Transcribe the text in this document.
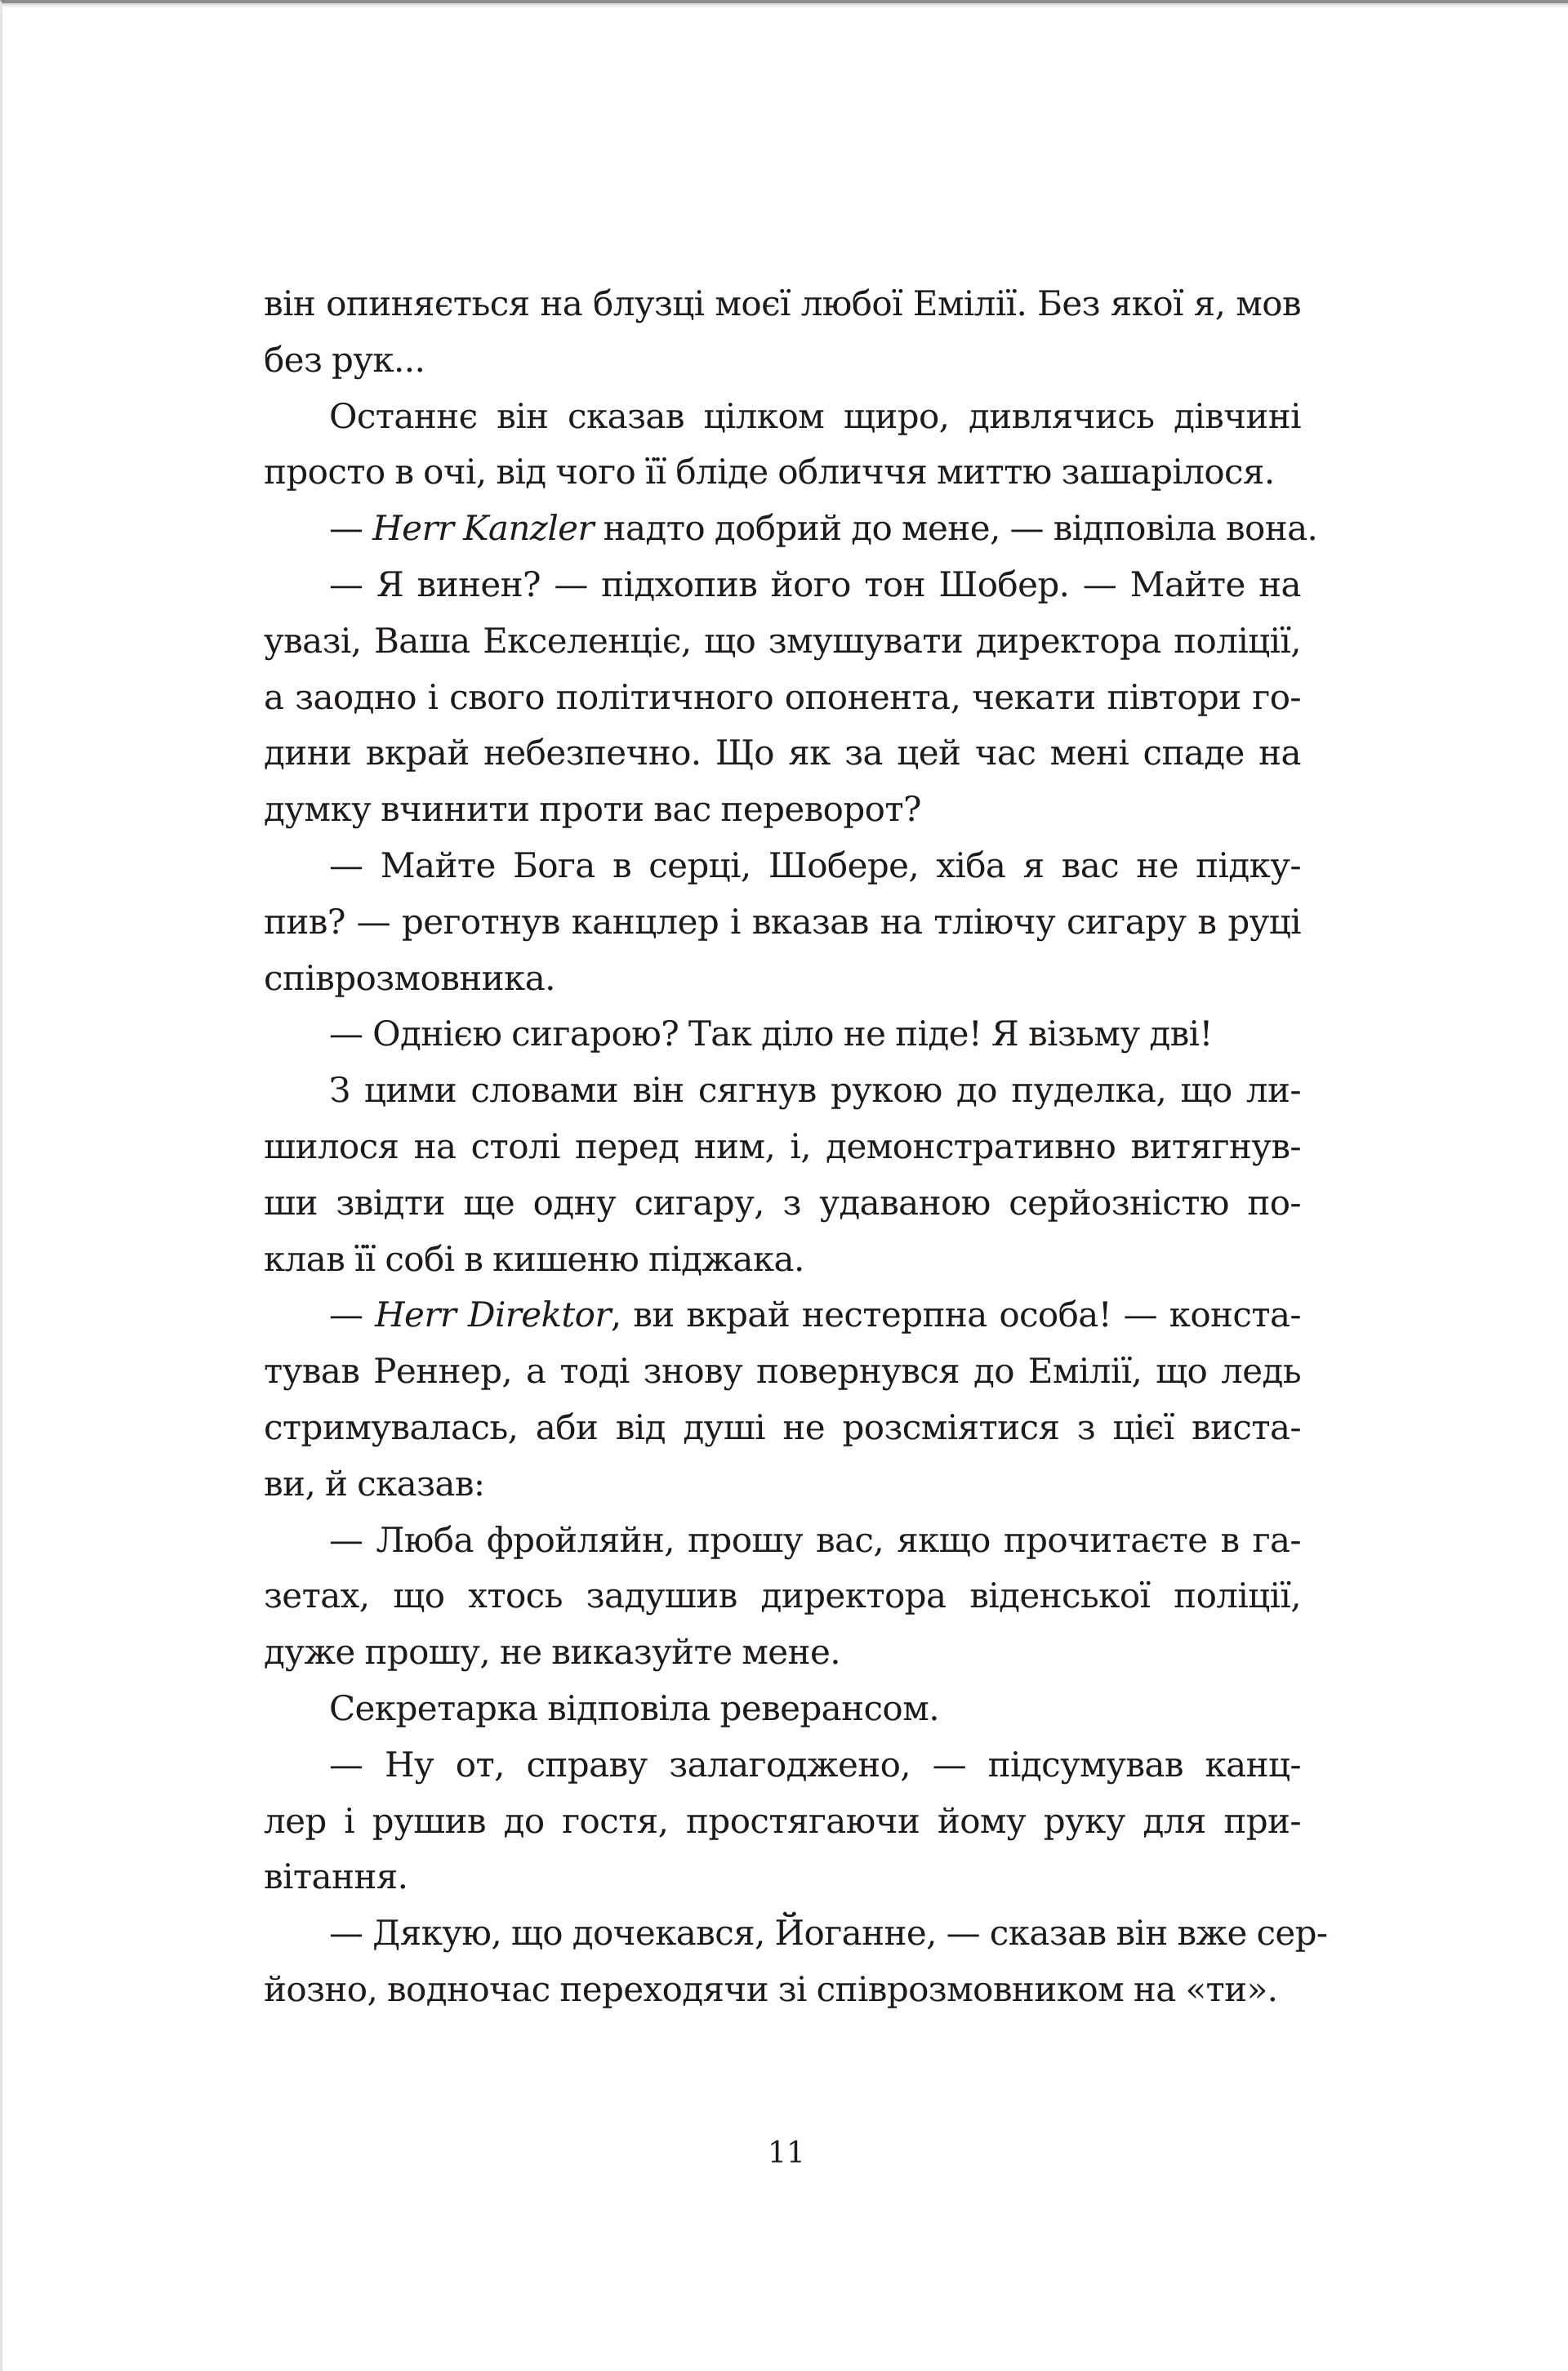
він опиняється на блузці моєї любої Емілії. Без якої я, мов
без рук...
Останнє він сказав цілком щиро, дивлячись дівчині
просто в очі, від чого її бліде обличчя миттю зашарілося.
— Herr Kanzler надто добрий до мене, — відповіла вона.
— Я винен? — підхопив його тон Шобер. — Майте на
увазі, Ваша Екселенціє, що змушувати директора поліції,
а заодно і свого політичного опонента, чекати півтори го-
дини вкрай небезпечно. Що як за цей час мені спаде на
думку вчинити проти вас переворот?
— Майте Бога в серці, Шобере, хіба я вас не підку-
пив? — реготнув канцлер і вказав на тліючу сигару в руці
співрозмовника.
— Однією сигарою? Так діло не піде! Я візьму дві!
З цими словами він сягнув рукою до пуделка, що ли-
шилося на столі перед ним, і, демонстративно витягнув-
ши звідти ще одну сигару, з удаваною серйозністю по-
клав її собі в кишеню піджака.
— Herr Direktor, ви вкрай нестерпна особа! — конста-
тував Реннер, а тоді знову повернувся до Емілії, що ледь
стримувалась, аби від душі не розсміятися з цієї виста-
ви, й сказав:
— Люба фройляйн, прошу вас, якщо прочитаєте в га-
зетах, що хтось задушив директора віденської поліції,
дуже прошу, не виказуйте мене.
Секретарка відповіла реверансом.
— Ну от, справу залагоджено, — підсумував канц-
лер і рушив до гостя, простягаючи йому руку для при-
вітання.
— Дякую, що дочекався, Йоганне, — сказав він вже сер-
йозно, водночас переходячи зі співрозмовником на «ти».
11
